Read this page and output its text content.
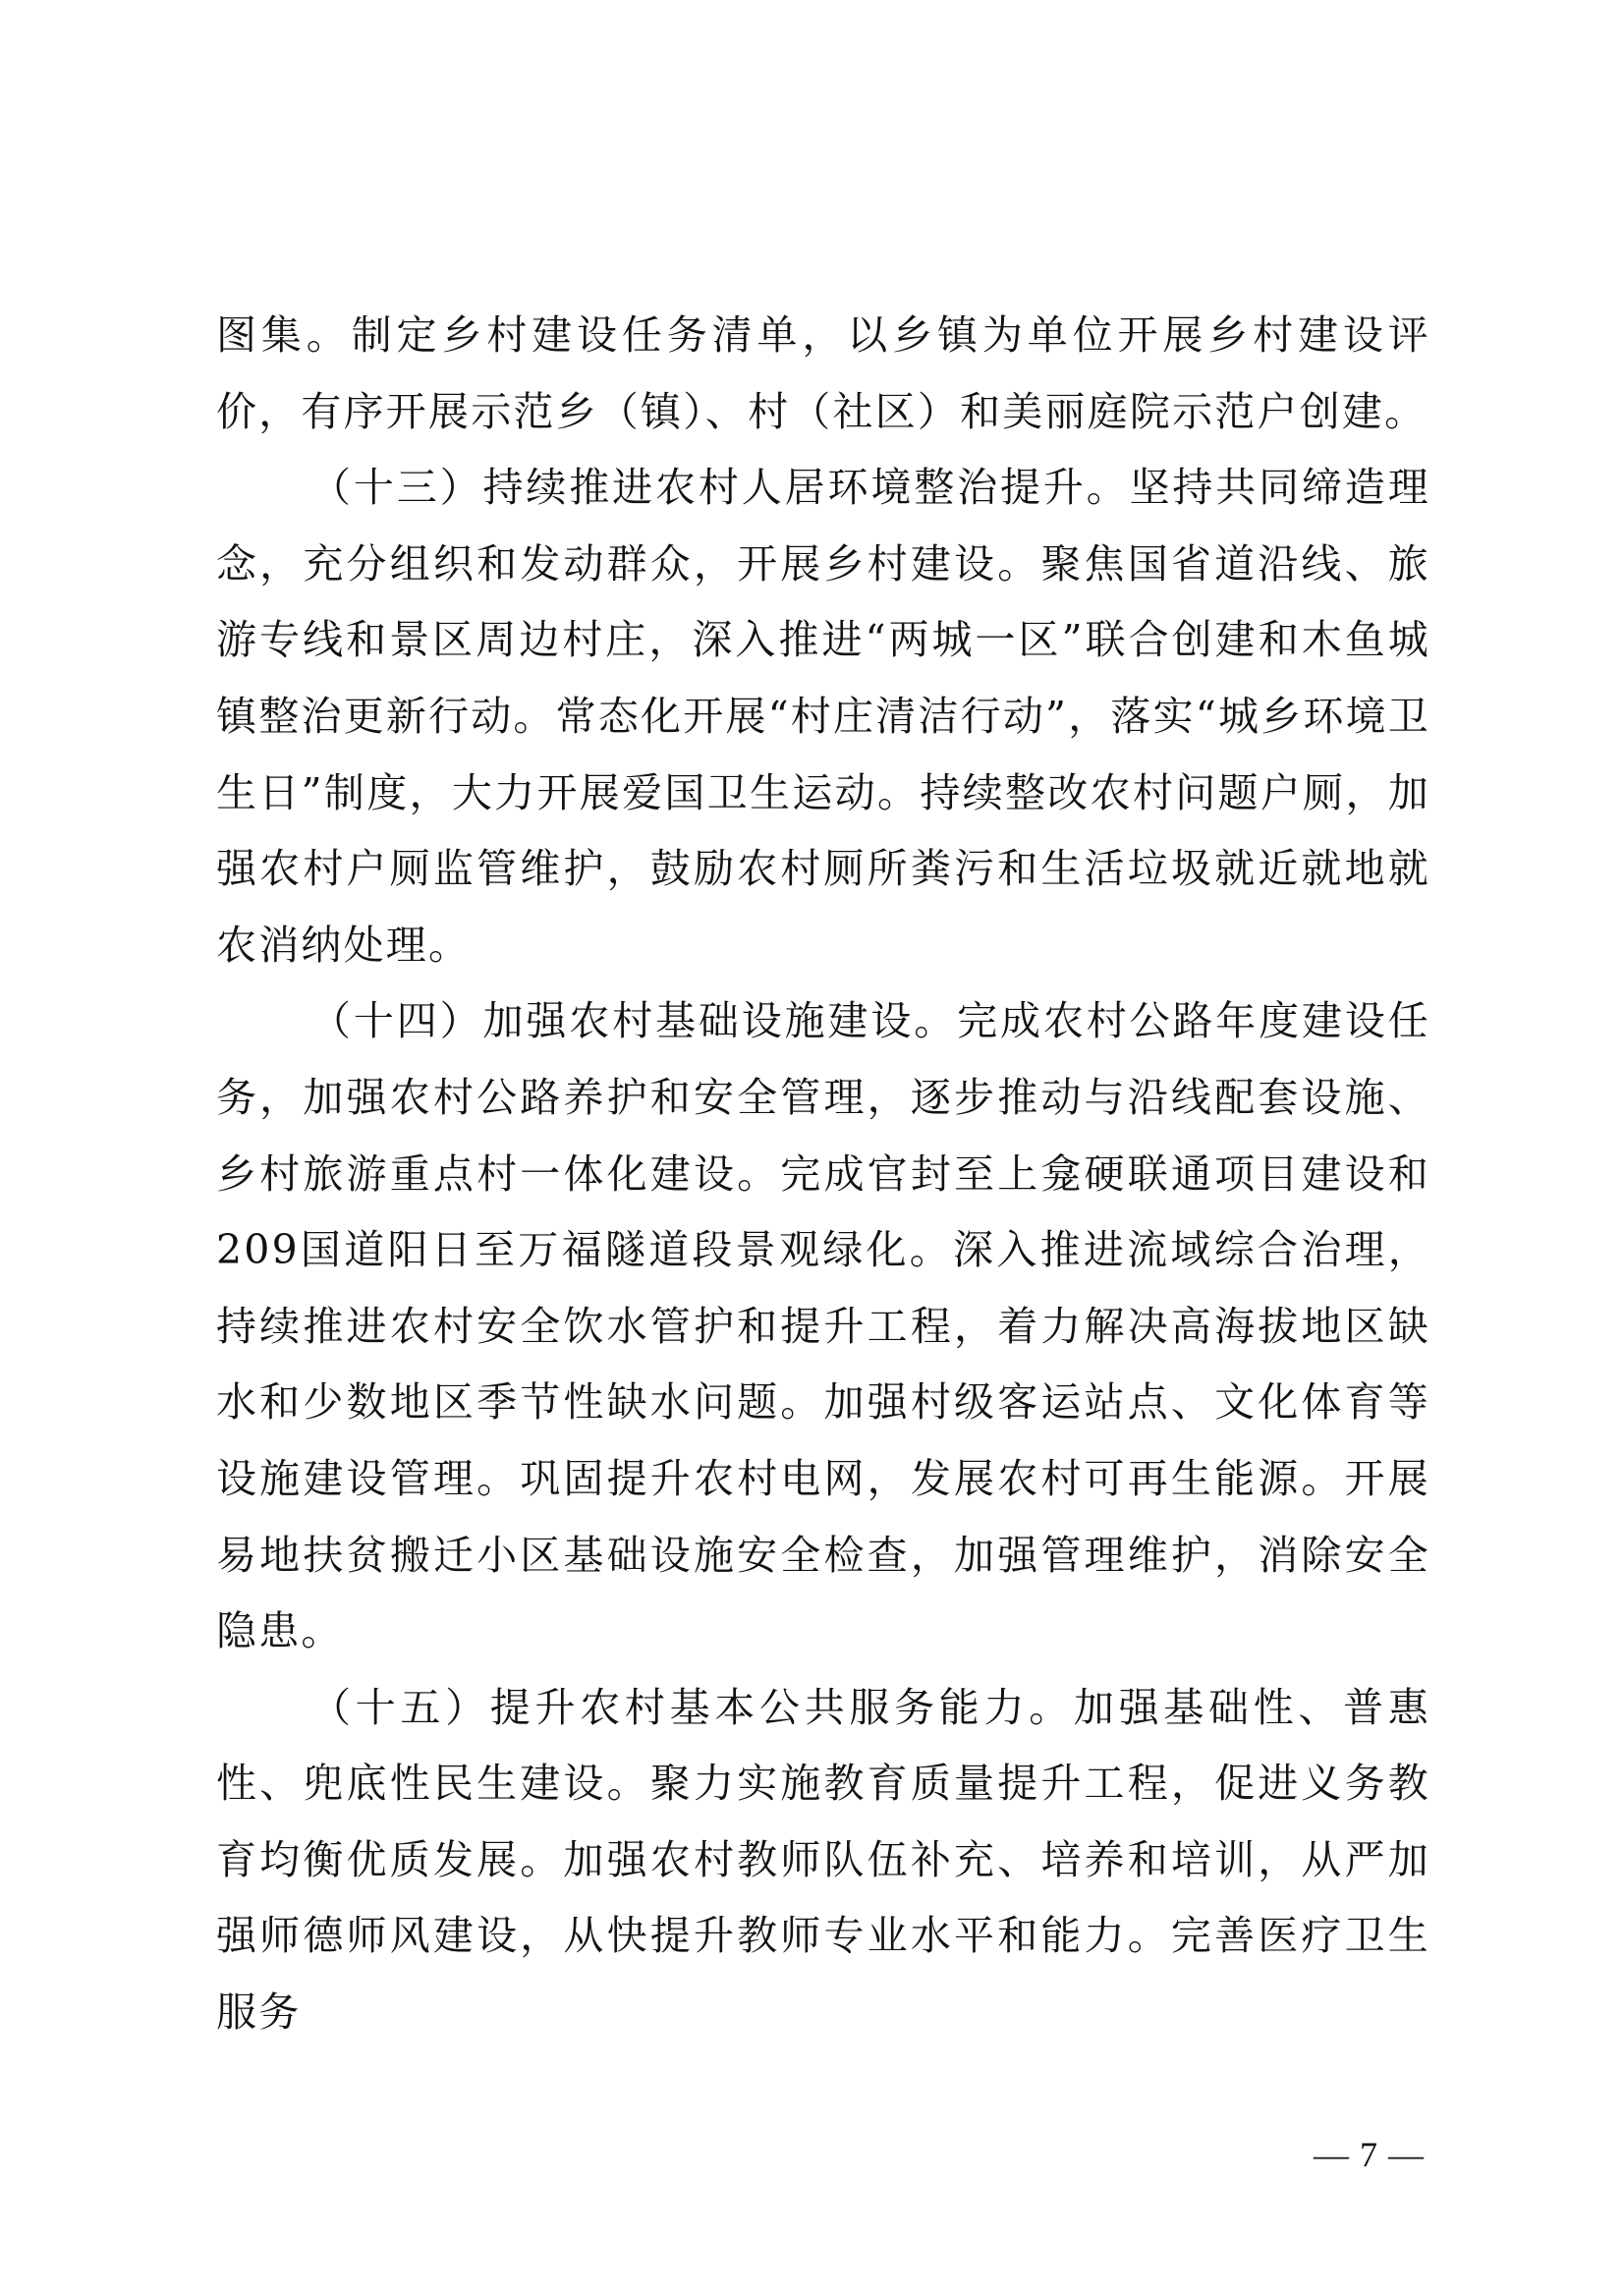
图集。制定乡村建设任务清单，以乡镇为单位开展乡村建设评价，有序开展示范乡（镇）、村（社区）和美丽庭院示范户创建。

（十三）持续推进农村人居环境整治提升。坚持共同缔造理念，充分组织和发动群众，开展乡村建设。聚焦国省道沿线、旅游专线和景区周边村庄，深入推进“两城一区”联合创建和木鱼城镇整治更新行动。常态化开展“村庄清洁行动”，落实“城乡环境卫生日”制度，大力开展爱国卫生运动。持续整改农村问题户厕，加强农村户厕监管维护，鼓励农村厕所粪污和生活垃圾就近就地就农消纳处理。

（十四）加强农村基础设施建设。完成农村公路年度建设任务，加强农村公路养护和安全管理，逐步推动与沿线配套设施、乡村旅游重点村一体化建设。完成官封至上龛硬联通项目建设和209国道阳日至万福隧道段景观绿化。深入推进流域综合治理，持续推进农村安全饮水管护和提升工程，着力解决高海拔地区缺水和少数地区季节性缺水问题。加强村级客运站点、文化体育等设施建设管理。巩固提升农村电网，发展农村可再生能源。开展易地扶贫搬迁小区基础设施安全检查，加强管理维护，消除安全隐患。

（十五）提升农村基本公共服务能力。加强基础性、普惠性、兜底性民生建设。聚力实施教育质量提升工程，促进义务教育均衡优质发展。加强农村教师队伍补充、培养和培训，从严加强师德师风建设，从快提升教师专业水平和能力。完善医疗卫生服务

— 7 —
